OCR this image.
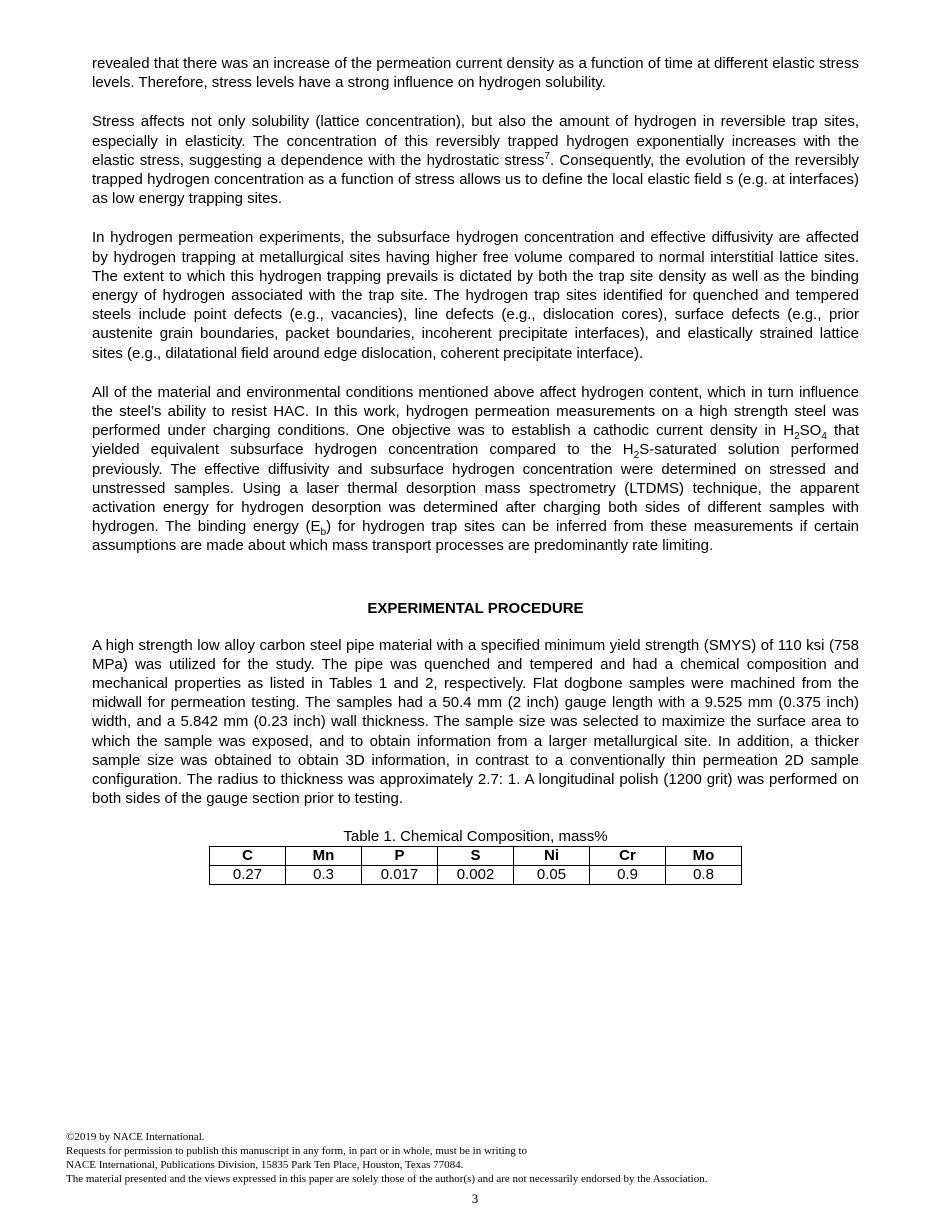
revealed that there was an increase of the permeation current density as a function of time at different elastic stress levels. Therefore, stress levels have a strong influence on hydrogen solubility.

Stress affects not only solubility (lattice concentration), but also the amount of hydrogen in reversible trap sites, especially in elasticity. The concentration of this reversibly trapped hydrogen exponentially increases with the elastic stress, suggesting a dependence with the hydrostatic stress$^7$. Consequently, the evolution of the reversibly trapped hydrogen concentration as a function of stress allows us to define the local elastic field s (e.g. at interfaces) as low energy trapping sites.

In hydrogen permeation experiments, the subsurface hydrogen concentration and effective diffusivity are affected by hydrogen trapping at metallurgical sites having higher free volume compared to normal interstitial lattice sites. The extent to which this hydrogen trapping prevails is dictated by both the trap site density as well as the binding energy of hydrogen associated with the trap site. The hydrogen trap sites identified for quenched and tempered steels include point defects (e.g., vacancies), line defects (e.g., dislocation cores), surface defects (e.g., prior austenite grain boundaries, packet boundaries, incoherent precipitate interfaces), and elastically strained lattice sites (e.g., dilatational field around edge dislocation, coherent precipitate interface).

All of the material and environmental conditions mentioned above affect hydrogen content, which in turn influence the steel’s ability to resist HAC. In this work, hydrogen permeation measurements on a high strength steel was performed under charging conditions. One objective was to establish a cathodic current density in $H_2SO_4$ that yielded equivalent subsurface hydrogen concentration compared to the $H_2S$-saturated solution performed previously. The effective diffusivity and subsurface hydrogen concentration were determined on stressed and unstressed samples. Using a laser thermal desorption mass spectrometry (LTDMS) technique, the apparent activation energy for hydrogen desorption was determined after charging both sides of different samples with hydrogen. The binding energy $(E_b)$ for hydrogen trap sites can be inferred from these measurements if certain assumptions are made about which mass transport processes are predominantly rate limiting.

EXPERIMENTAL PROCEDURE

A high strength low alloy carbon steel pipe material with a specified minimum yield strength (SMYS) of 110 ksi (758 MPa) was utilized for the study. The pipe was quenched and tempered and had a chemical composition and mechanical properties as listed in Tables 1 and 2, respectively. Flat dogbone samples were machined from the midwall for permeation testing. The samples had a 50.4 mm (2 inch) gauge length with a 9.525 mm (0.375 inch) width, and a 5.842 mm (0.23 inch) wall thickness. The sample size was selected to maximize the surface area to which the sample was exposed, and to obtain information from a larger metallurgical site. In addition, a thicker sample size was obtained to obtain 3D information, in contrast to a conventionally thin permeation 2D sample configuration. The radius to thickness was approximately 2.7: 1. A longitudinal polish (1200 grit) was performed on both sides of the gauge section prior to testing.

Table 1. Chemical Composition, mass%
C	Mn	P	S	Ni	Cr	Mo
0.27	0.3	0.017	0.002	0.05	0.9	0.8
©2019 by NACE International.
Requests for permission to publish this manuscript in any form, in part or in whole, must be in writing to
NACE International, Publications Division, 15835 Park Ten Place, Houston, Texas 77084.
The material presented and the views expressed in this paper are solely those of the author(s) and are not necessarily endorsed by the Association.
3
